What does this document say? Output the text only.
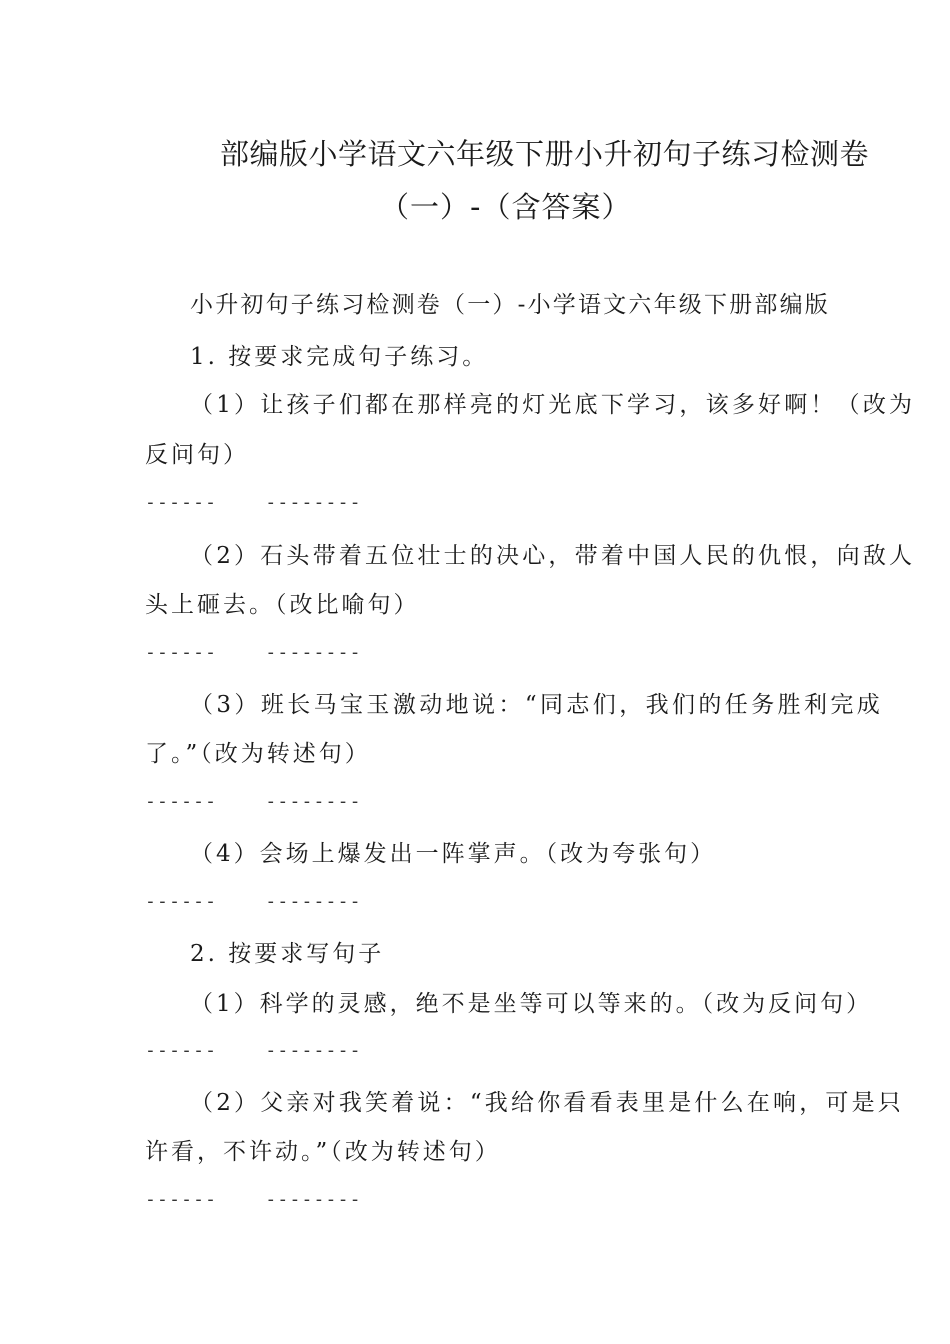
部编版小学语文六年级下册小升初句子练习检测卷
（一）-（含答案）
小升初句子练习检测卷（一）-小学语文六年级下册部编版
1. 按要求完成句子练习。
（1）让孩子们都在那样亮的灯光底下学习，该多好啊！（改为
反问句）
------    --------
（2）石头带着五位壮士的决心，带着中国人民的仇恨，向敌人
头上砸去。（改比喻句）
------    --------
（3）班长马宝玉激动地说：“同志们，我们的任务胜利完成
了。”（改为转述句）
------    --------
（4）会场上爆发出一阵掌声。（改为夸张句）
------    --------
2. 按要求写句子
（1）科学的灵感，绝不是坐等可以等来的。（改为反问句）
------    --------
（2）父亲对我笑着说：“我给你看看表里是什么在响，可是只
许看，不许动。”（改为转述句）
------    --------
